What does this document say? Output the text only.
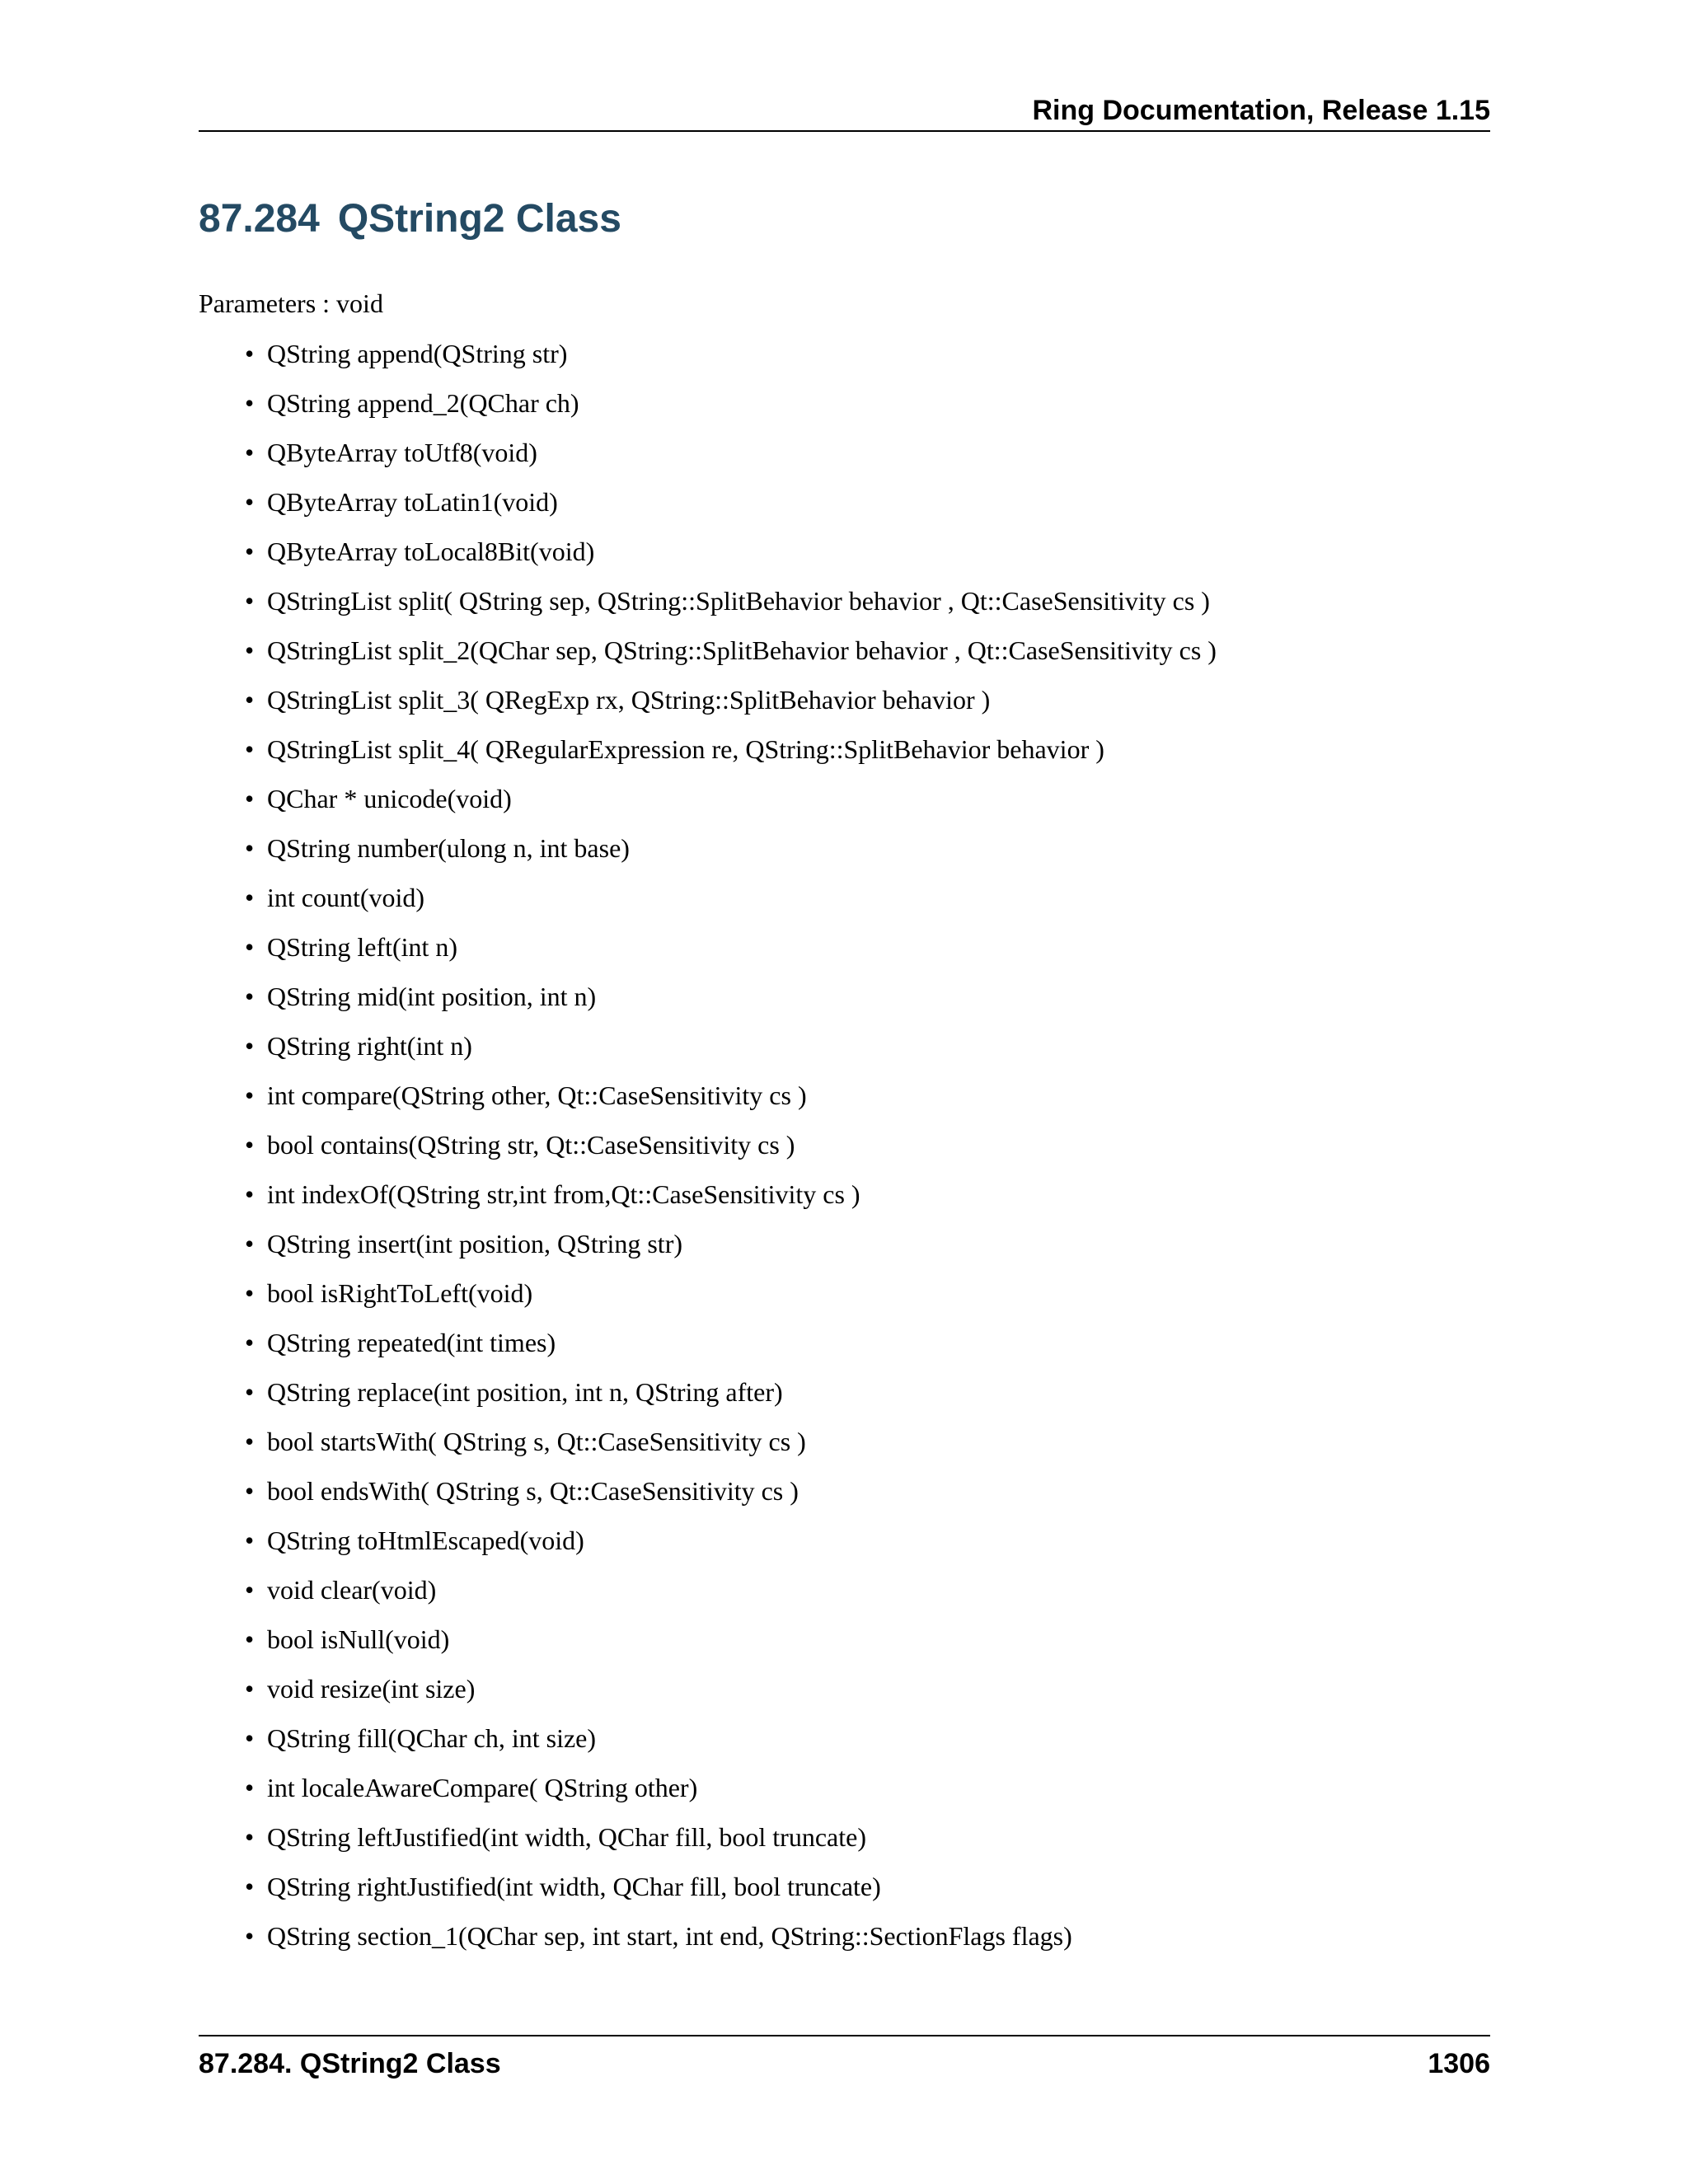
Ring Documentation, Release 1.15
87.284 QString2 Class

Parameters : void

• QString append(QString str)
• QString append_2(QChar ch)
• QByteArray toUtf8(void)
• QByteArray toLatin1(void)
• QByteArray toLocal8Bit(void)
• QStringList split( QString sep, QString::SplitBehavior behavior , Qt::CaseSensitivity cs )
• QStringList split_2(QChar sep, QString::SplitBehavior behavior , Qt::CaseSensitivity cs )
• QStringList split_3( QRegExp rx, QString::SplitBehavior behavior )
• QStringList split_4( QRegularExpression re, QString::SplitBehavior behavior )
• QChar * unicode(void)
• QString number(ulong n, int base)
• int count(void)
• QString left(int n)
• QString mid(int position, int n)
• QString right(int n)
• int compare(QString other, Qt::CaseSensitivity cs )
• bool contains(QString str, Qt::CaseSensitivity cs )
• int indexOf(QString str,int from,Qt::CaseSensitivity cs )
• QString insert(int position, QString str)
• bool isRightToLeft(void)
• QString repeated(int times)
• QString replace(int position, int n, QString after)
• bool startsWith( QString s, Qt::CaseSensitivity cs )
• bool endsWith( QString s, Qt::CaseSensitivity cs )
• QString toHtmlEscaped(void)
• void clear(void)
• bool isNull(void)
• void resize(int size)
• QString fill(QChar ch, int size)
• int localeAwareCompare( QString other)
• QString leftJustified(int width, QChar fill, bool truncate)
• QString rightJustified(int width, QChar fill, bool truncate)
• QString section_1(QChar sep, int start, int end, QString::SectionFlags flags)
87.284. QString2 Class	1306
